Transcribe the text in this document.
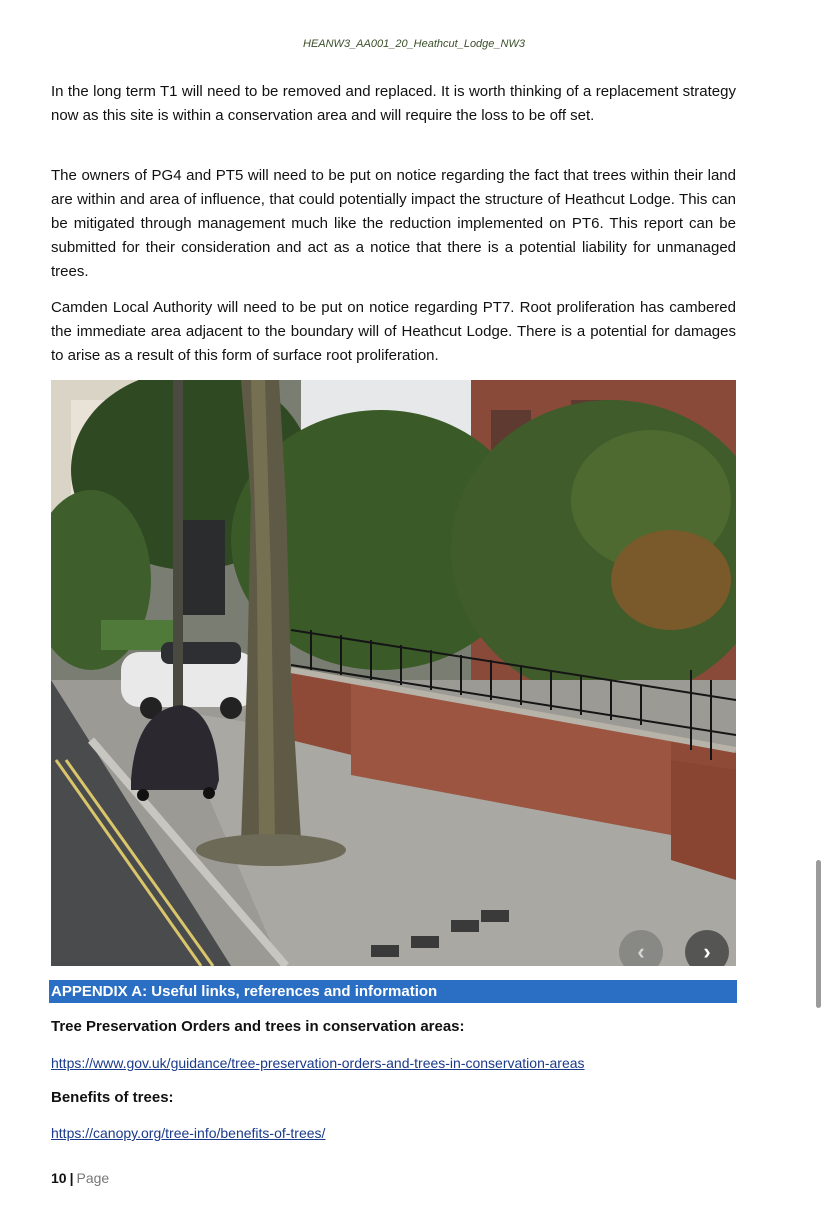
HEANW3_AA001_20_Heathcut_Lodge_NW3

In the long term T1 will need to be removed and replaced. It is worth thinking of a replacement strategy now as this site is within a conservation area and will require the loss to be off set.

The owners of PG4 and PT5 will need to be put on notice regarding the fact that trees within their land are within and area of influence, that could potentially impact the structure of Heathcut Lodge. This can be mitigated through management much like the reduction implemented on PT6. This report can be submitted for their consideration and act as a notice that there is a potential liability for unmanaged trees.

Camden Local Authority will need to be put on notice regarding PT7. Root proliferation has cambered the immediate area adjacent to the boundary will of Heathcut Lodge. There is a potential for damages to arise as a result of this form of surface root proliferation.

‹	›
APPENDIX A: Useful links, references and information
Tree Preservation Orders and trees in conservation areas:
https://www.gov.uk/guidance/tree-preservation-orders-and-trees-in-conservation-areas
Benefits of trees:
https://canopy.org/tree-info/benefits-of-trees/
10 | Page
